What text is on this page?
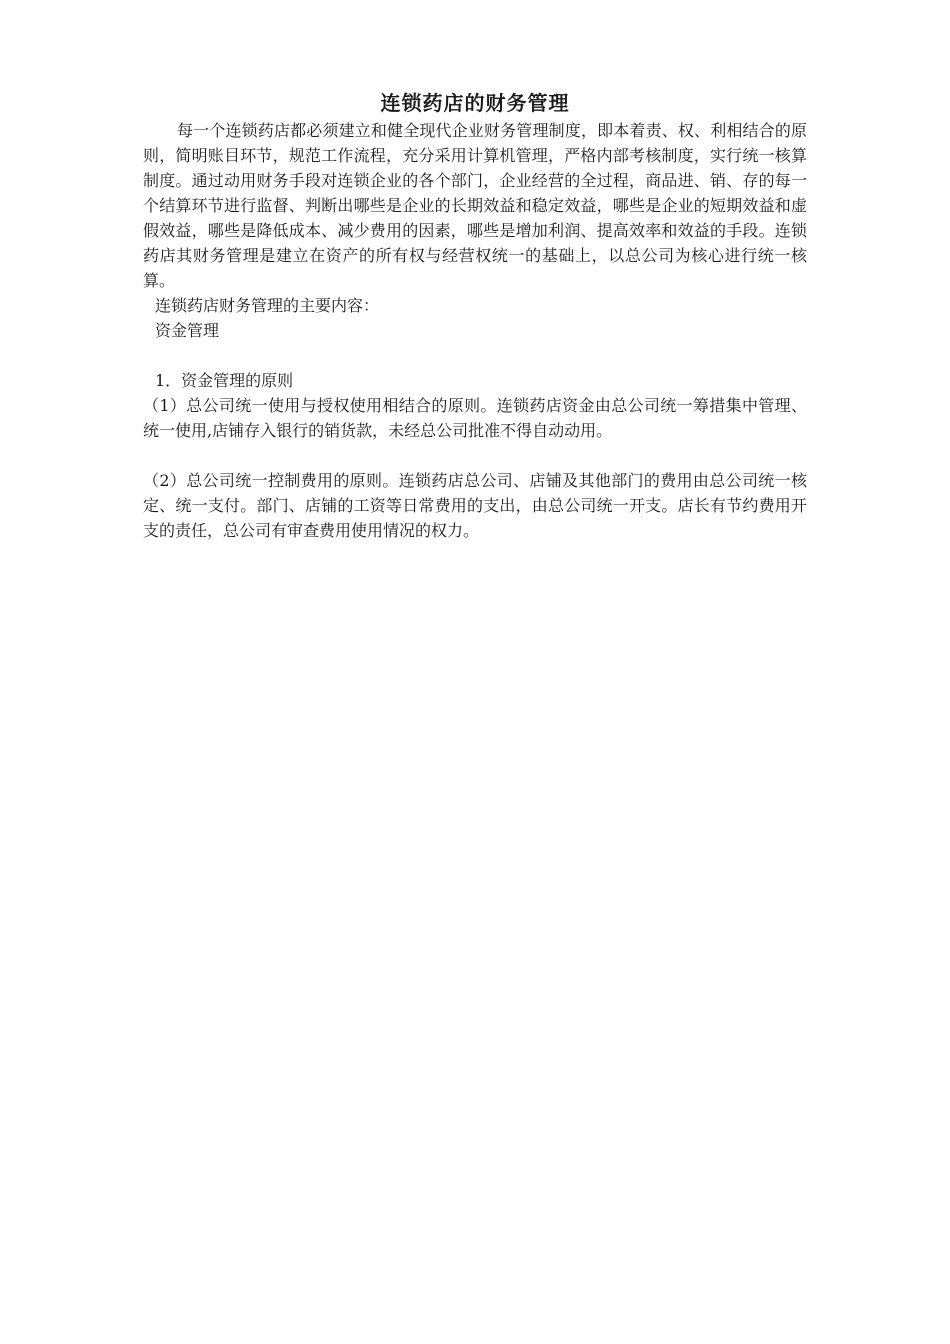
连锁药店的财务管理

每一个连锁药店都必须建立和健全现代企业财务管理制度，即本着责、权、利相结合的原则，简明账目环节，规范工作流程，充分采用计算机管理，严格内部考核制度，实行统一核算制度。通过动用财务手段对连锁企业的各个部门，企业经营的全过程，商品进、销、存的每一个结算环节进行监督、判断出哪些是企业的长期效益和稳定效益，哪些是企业的短期效益和虚假效益，哪些是降低成本、减少费用的因素，哪些是增加利润、提高效率和效益的手段。连锁药店其财务管理是建立在资产的所有权与经营权统一的基础上，以总公司为核心进行统一核算。

连锁药店财务管理的主要内容：

资金管理

1．资金管理的原则

（1）总公司统一使用与授权使用相结合的原则。连锁药店资金由总公司统一筹措集中管理、统一使用,店铺存入银行的销货款，未经总公司批准不得自动动用。

（2）总公司统一控制费用的原则。连锁药店总公司、店铺及其他部门的费用由总公司统一核定、统一支付。部门、店铺的工资等日常费用的支出，由总公司统一开支。店长有节约费用开支的责任，总公司有审查费用使用情况的权力。
